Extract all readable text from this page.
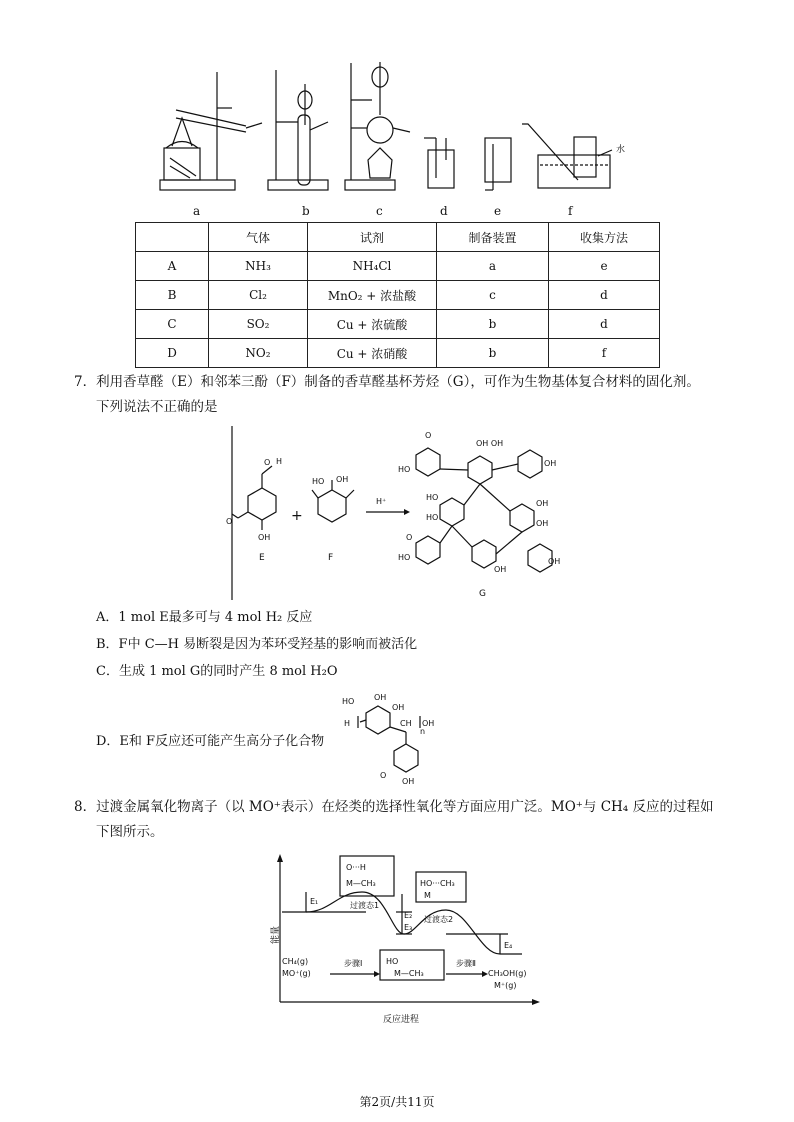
水
a	b	c	d	e	f
	气体	试剂	制备装置	收集方法
A	NH₃	NH₄Cl	a	e
B	Cl₂	MnO₂ + 浓盐酸	c	d
C	SO₂	Cu + 浓硫酸	b	d
D	NO₂	Cu + 浓硝酸	b	f
7．利用香草醛（E）和邻苯三酚（F）制备的香草醛基杯芳烃（G），可作为生物基体复合材料的固化剂。
下列说法不正确的是
O H
OH
O
E
+
HO OH
F
H⁺
O
OH OH
HO
OH
HO
HO
OH
OH
O
OH
OH
HO
G
A．1 mol E最多可与 4 mol H₂ 反应
B．F中 C—H 易断裂是因为苯环受羟基的影响而被活化
C．生成 1 mol G的同时产生 8 mol H₂O
D．E和 F反应还可能产生高分子化合物
OH
HO
OH
H	CH OH
n
O
OH
8．过渡金属氧化物离子（以 MO⁺表示）在烃类的选择性氧化等方面应用广泛。MO⁺与 CH₄ 反应的过程如
下图所示。
能量
反应进程
O···H
M—CH₃	HO···CH₃
M
HO
M—CH₃
过渡态1
过渡态2
E₁
E₂
E₃
E₄
CH₄(g)
MO⁺(g)
步骤Ⅰ	步骤Ⅱ
CH₃OH(g)
M⁺(g)
第2页/共11页
